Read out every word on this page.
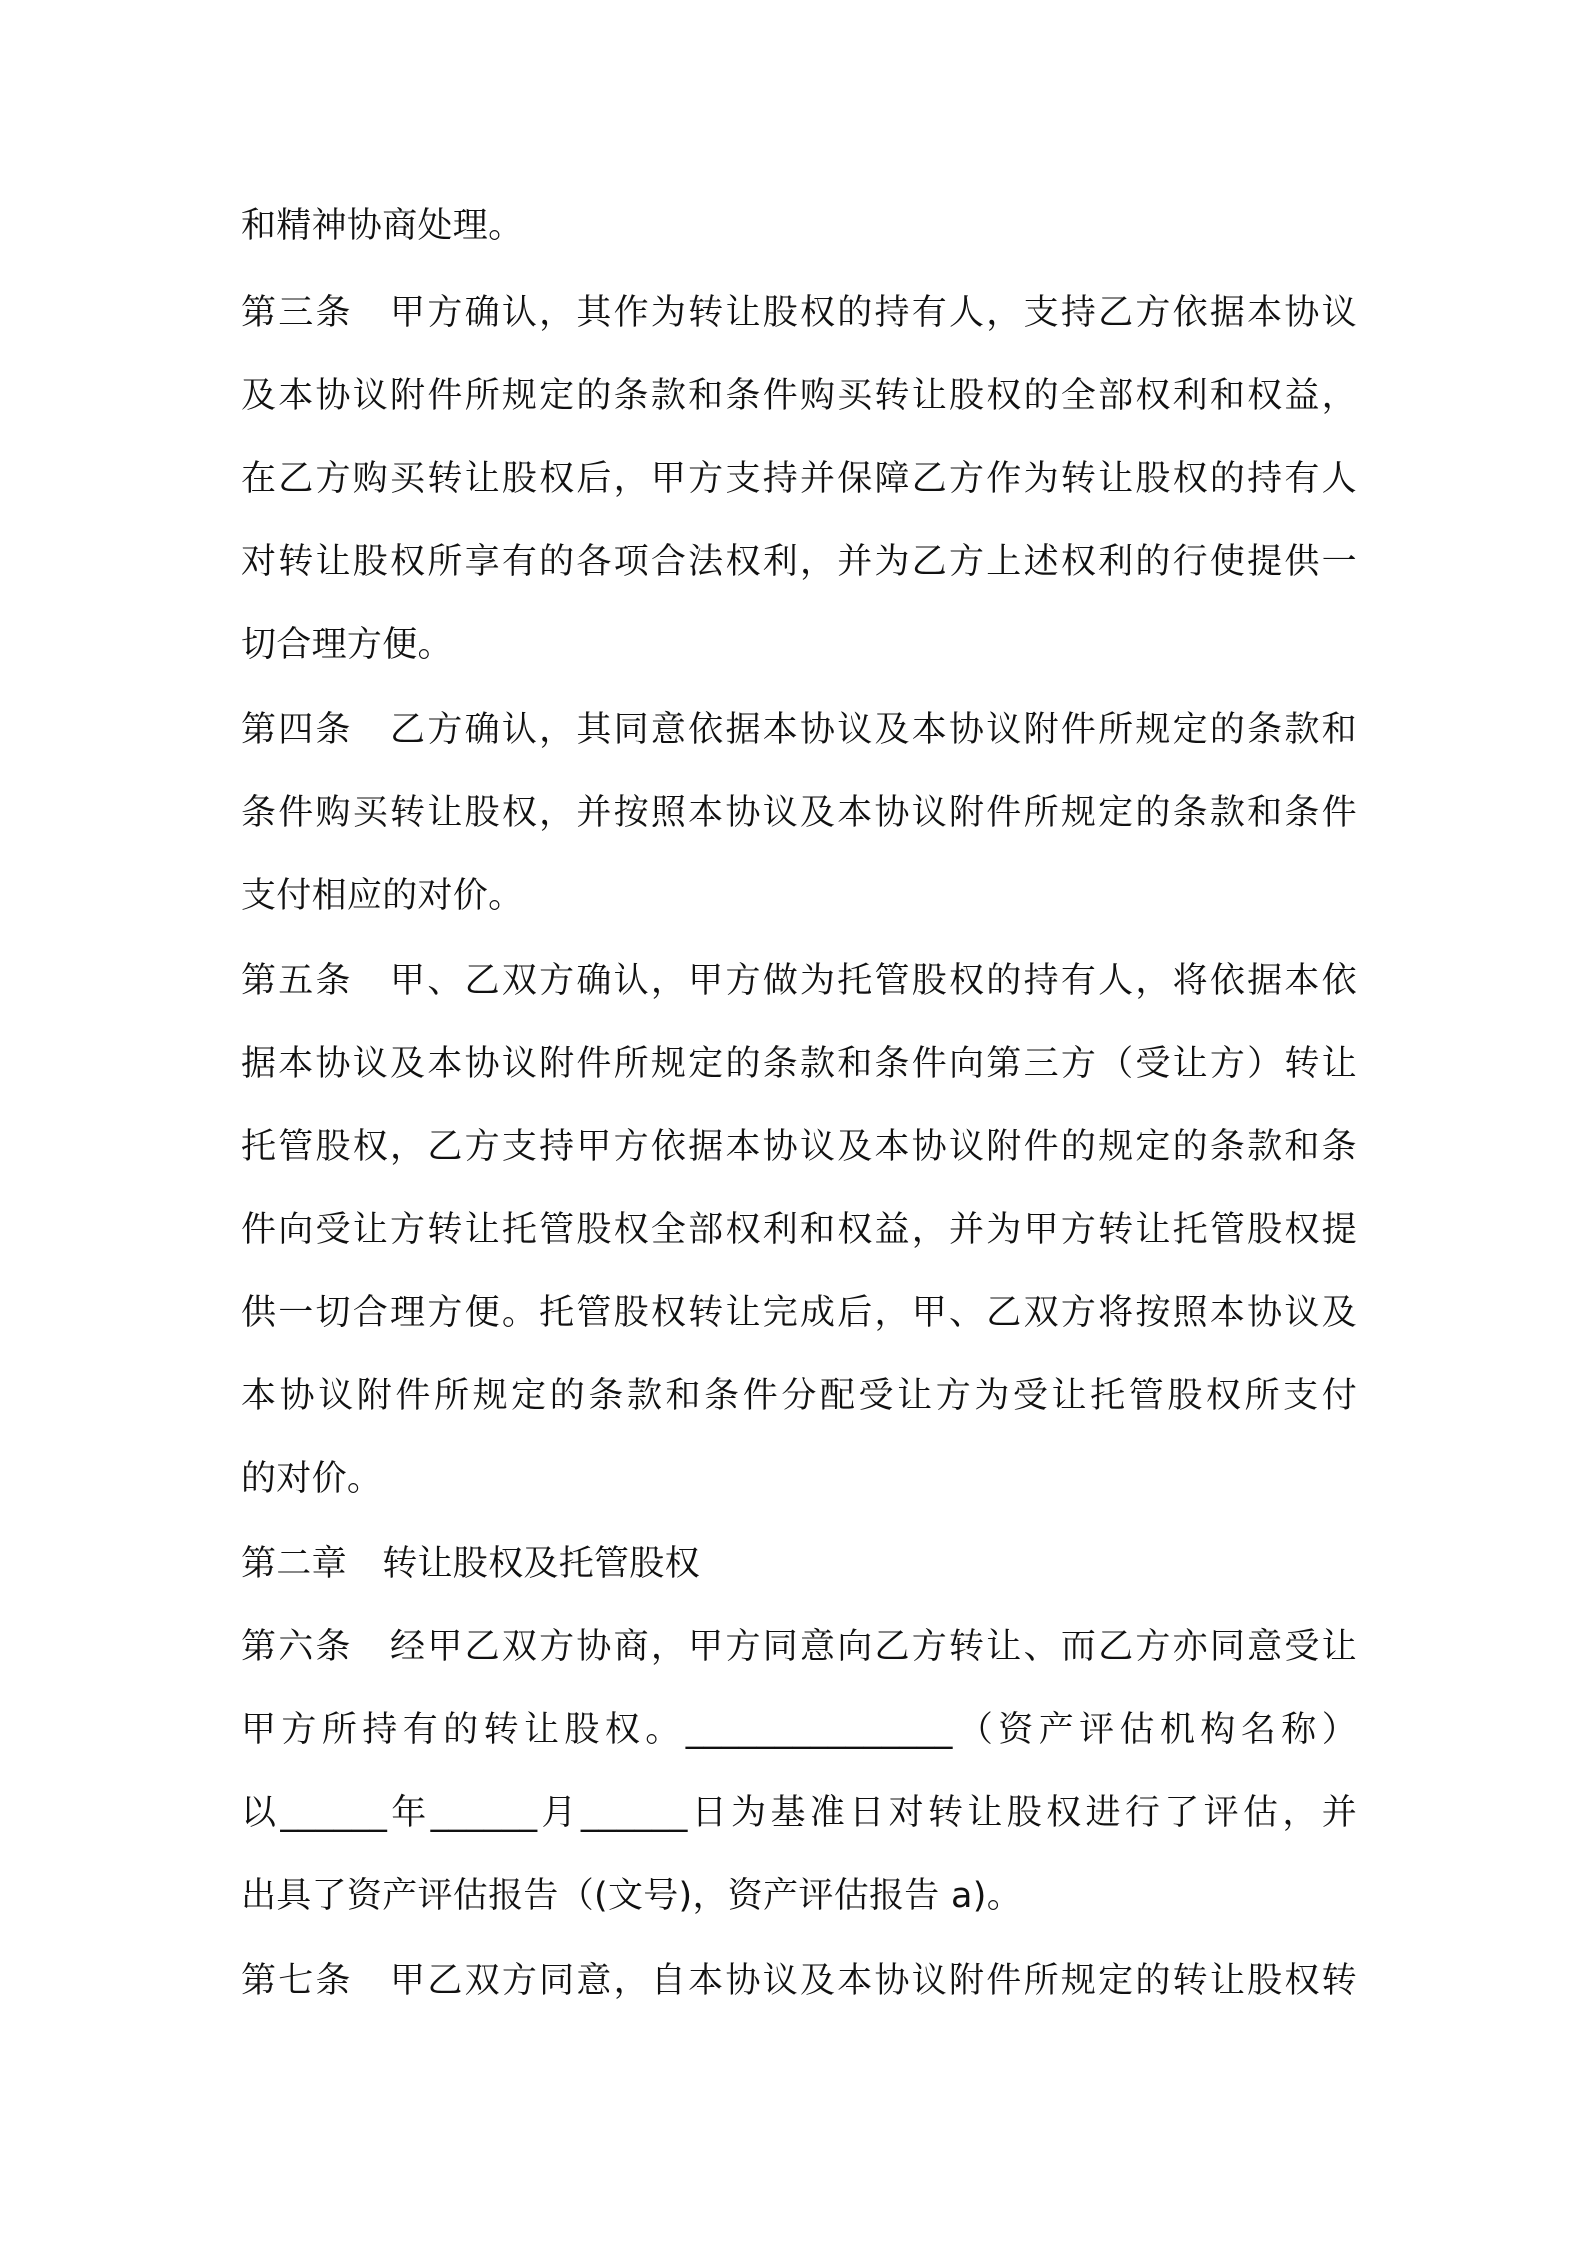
和精神协商处理。
第三条　甲方确认，其作为转让股权的持有人，支持乙方依据本协议
及本协议附件所规定的条款和条件购买转让股权的全部权利和权益，
在乙方购买转让股权后，甲方支持并保障乙方作为转让股权的持有人
对转让股权所享有的各项合法权利，并为乙方上述权利的行使提供一
切合理方便。
第四条　乙方确认，其同意依据本协议及本协议附件所规定的条款和
条件购买转让股权，并按照本协议及本协议附件所规定的条款和条件
支付相应的对价。
第五条　甲、乙双方确认，甲方做为托管股权的持有人，将依据本依
据本协议及本协议附件所规定的条款和条件向第三方（受让方）转让
托管股权，乙方支持甲方依据本协议及本协议附件的规定的条款和条
件向受让方转让托管股权全部权利和权益，并为甲方转让托管股权提
供一切合理方便。托管股权转让完成后，甲、乙双方将按照本协议及
本协议附件所规定的条款和条件分配受让方为受让托管股权所支付
的对价。
第二章　转让股权及托管股权
第六条　经甲乙双方协商，甲方同意向乙方转让、而乙方亦同意受让
甲方所持有的转让股权。_______________（资产评估机构名称）
以______年______月______日为基准日对转让股权进行了评估，并
出具了资产评估报告（(文号)，资产评估报告 a)。
第七条　甲乙双方同意，自本协议及本协议附件所规定的转让股权转
